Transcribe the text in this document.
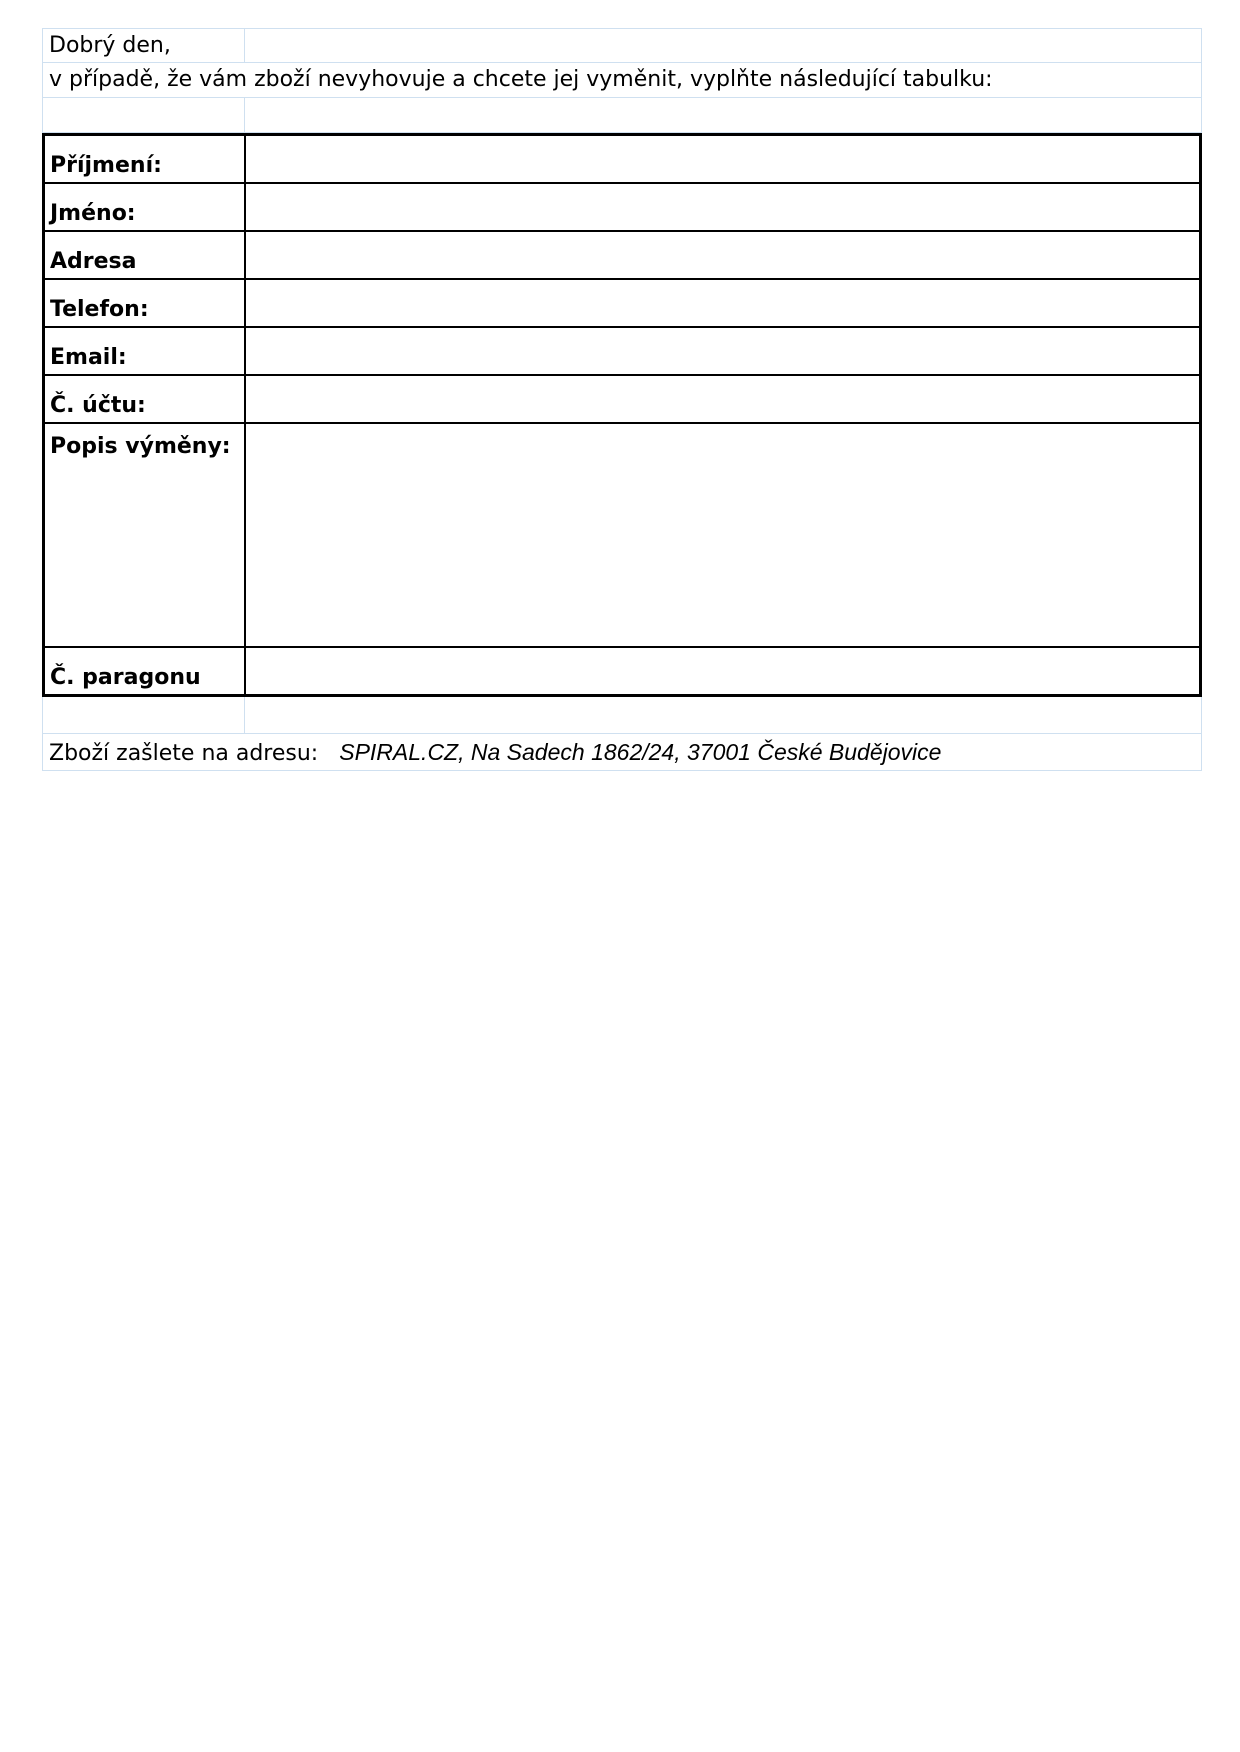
Dobrý den,
v případě, že vám zboží nevyhovuje a chcete jej vyměnit, vyplňte následující tabulku:
Příjmení:
Jméno:
Adresa
Telefon:
Email:
Č. účtu:
Popis výměny:
Č. paragonu
Zboží zašlete na adresu: SPIRAL.CZ, Na Sadech 1862/24, 37001 České Budějovice
